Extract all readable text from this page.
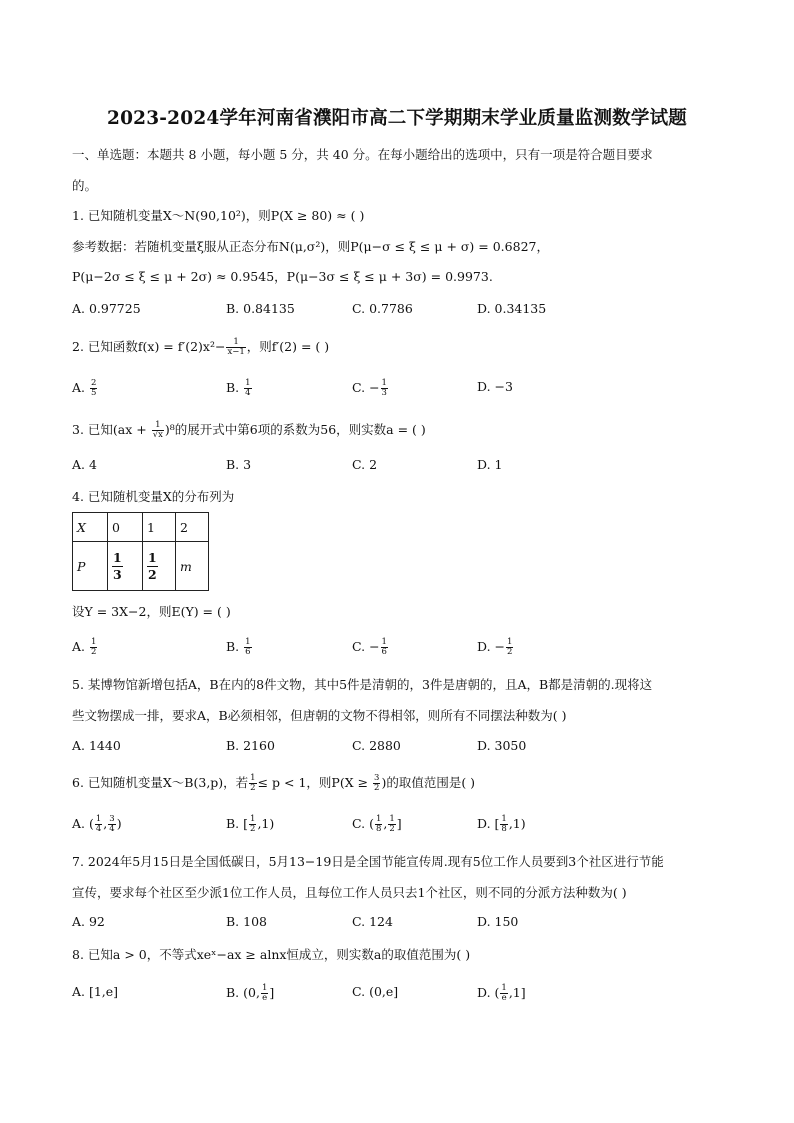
2023-2024学年河南省濮阳市高二下学期期末学业质量监测数学试题
一、单选题：本题共 8 小题，每小题 5 分，共 40 分。在每小题给出的选项中，只有一项是符合题目要求
的。
1. 已知随机变量X～N(90,10²)，则P(X ≥ 80) ≈ ( )
参考数据：若随机变量ξ服从正态分布N(μ,σ²)，则P(μ−σ ≤ ξ ≤ μ + σ) = 0.6827，
P(μ−2σ ≤ ξ ≤ μ + 2σ) ≈ 0.9545，P(μ−3σ ≤ ξ ≤ μ + 3σ) = 0.9973.
A. 0.97725	B. 0.84135	C. 0.7786	D. 0.34135
2. 已知函数$f(x) = f'(2)x^2- \frac{1}{x-1}$ ，则f′(2) = ( )
A. $\frac{2}{5}$	B. $\frac{1}{4}$	C. − $\frac{1}{3}$	D. −3
3. 已知$(ax + \frac{1}{√x} )^8$的展开式中第6项的系数为56，则实数a = ( )
A. 4	B. 3	C. 2	D. 1
4. 已知随机变量X的分布列为
X	0	1	2
P	$\frac{1}{3}$	$\frac{1}{2}$	m
设Y = 3X−2，则E(Y) = ( )
A. $\frac{1}{2}$	B. $\frac{1}{6}$	C. − $\frac{1}{6}$	D. − $\frac{1}{2}$
5. 某博物馆新增包括A，B在内的8件文物，其中5件是清朝的，3件是唐朝的，且A，B都是清朝的.现将这
些文物摆成一排，要求A，B必须相邻，但唐朝的文物不得相邻，则所有不同摆法种数为( )
A. 1440	B. 2160	C. 2880	D. 3050
6. 已知随机变量X～B(3,p)，若 $\frac{1}{2} \le p < 1$，则$P(X \ge \frac{3}{2}$ )的取值范围是( )
A. ( $\frac{1}{4}$ , $\frac{3}{4}$ )	B. [ $\frac{1}{2} ,1$)	C. ( $\frac{1}{8}$ , $\frac{1}{2}$ ]	D. [ $\frac{1}{8} ,1$)
7. 2024年5月15日是全国低碳日，5月13−19日是全国节能宣传周.现有5位工作人员要到3个社区进行节能
宣传，要求每个社区至少派1位工作人员，且每位工作人员只去1个社区，则不同的分派方法种数为( )
A. 92	B. 108	C. 124	D. 150
8. 已知a > 0，不等式xeˣ−ax ≥ alnx恒成立，则实数a的取值范围为( )
A. [1,e]	B. (0, $\frac{1}{e}$ ]	C. (0,e]	D. ( $\frac{1}{e} ,1$]
